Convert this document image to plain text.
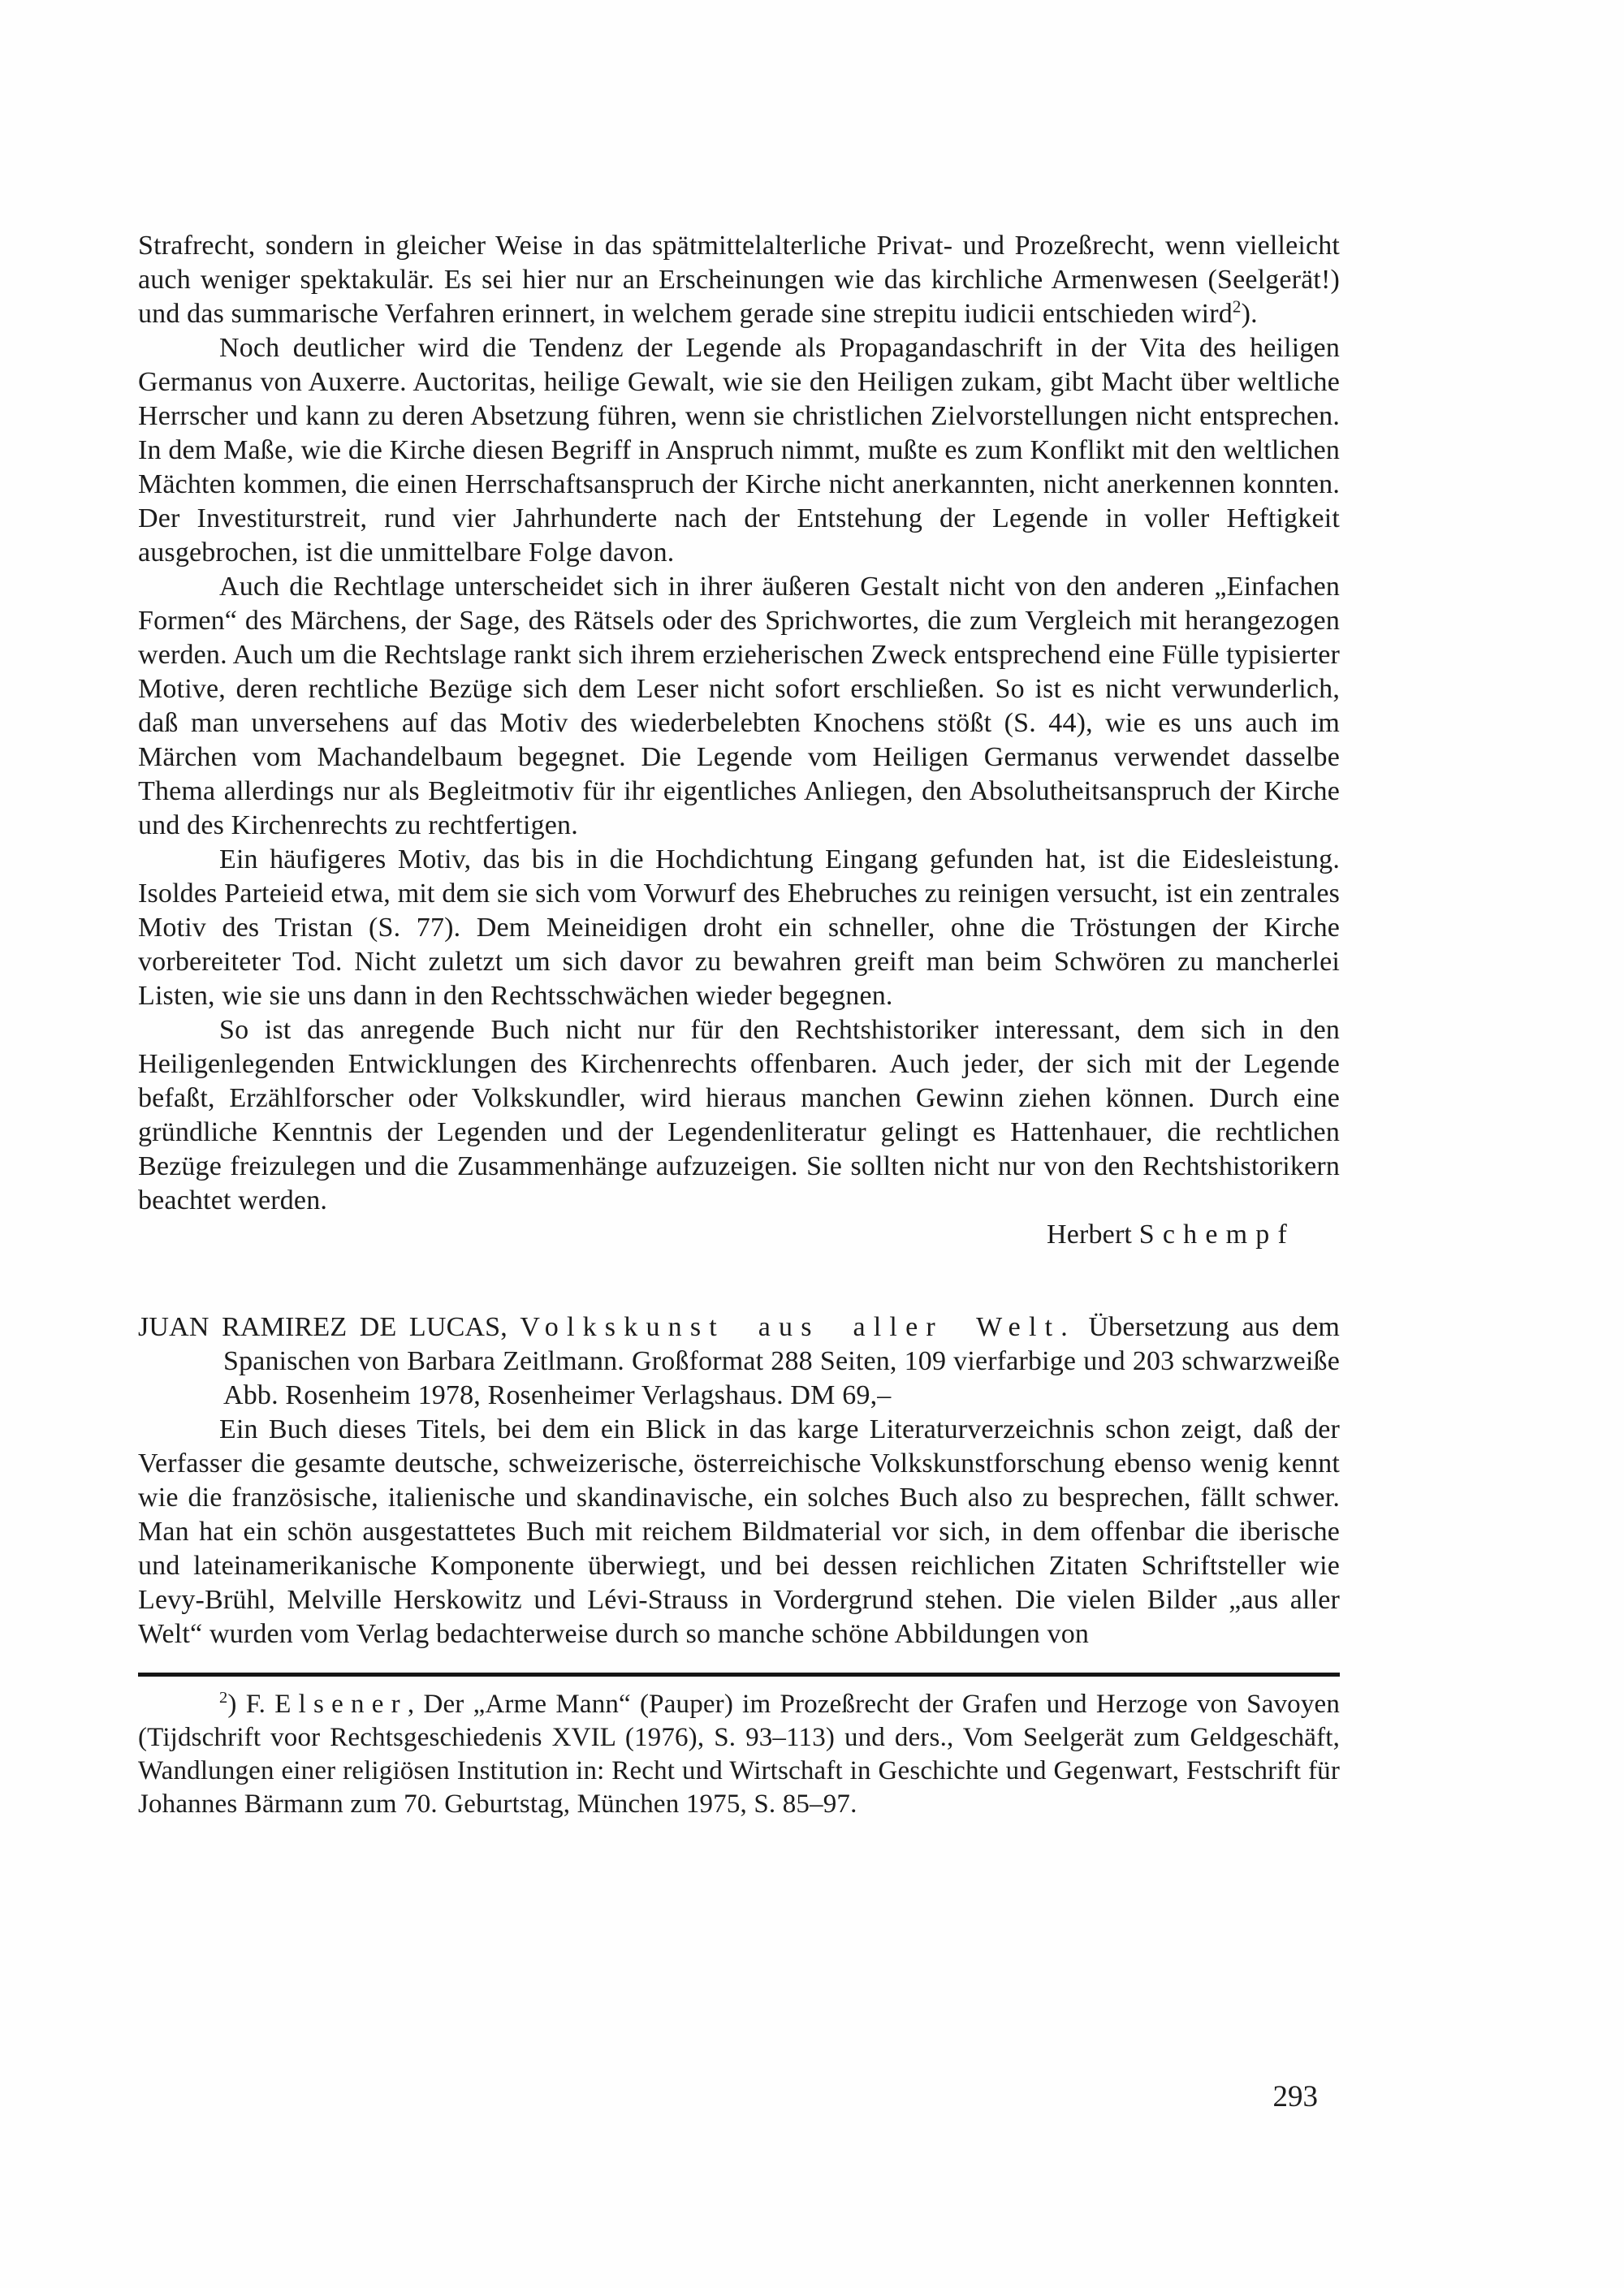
Strafrecht, sondern in gleicher Weise in das spätmittelalterliche Privat- und Prozeßrecht, wenn vielleicht auch weniger spektakulär. Es sei hier nur an Erscheinungen wie das kirchliche Armenwesen (Seelgerät!) und das summarische Verfahren erinnert, in welchem gerade sine strepitu iudicii entschieden wird$^2$).

Noch deutlicher wird die Tendenz der Legende als Propagandaschrift in der Vita des heiligen Germanus von Auxerre. Auctoritas, heilige Gewalt, wie sie den Heiligen zukam, gibt Macht über weltliche Herrscher und kann zu deren Absetzung führen, wenn sie christlichen Zielvorstellungen nicht entsprechen. In dem Maße, wie die Kirche diesen Begriff in Anspruch nimmt, mußte es zum Konflikt mit den weltlichen Mächten kommen, die einen Herrschaftsanspruch der Kirche nicht anerkannten, nicht anerkennen konnten. Der Investiturstreit, rund vier Jahrhunderte nach der Entstehung der Legende in voller Heftigkeit ausgebrochen, ist die unmittelbare Folge davon.

Auch die Rechtlage unterscheidet sich in ihrer äußeren Gestalt nicht von den anderen „Einfachen Formen“ des Märchens, der Sage, des Rätsels oder des Sprichwortes, die zum Vergleich mit herangezogen werden. Auch um die Rechtslage rankt sich ihrem erzieherischen Zweck entsprechend eine Fülle typisierter Motive, deren rechtliche Bezüge sich dem Leser nicht sofort erschließen. So ist es nicht verwunderlich, daß man unversehens auf das Motiv des wiederbelebten Knochens stößt (S. 44), wie es uns auch im Märchen vom Machandelbaum begegnet. Die Legende vom Heiligen Germanus verwendet dasselbe Thema allerdings nur als Begleitmotiv für ihr eigentliches Anliegen, den Absolutheitsanspruch der Kirche und des Kirchenrechts zu rechtfertigen.

Ein häufigeres Motiv, das bis in die Hochdichtung Eingang gefunden hat, ist die Eidesleistung. Isoldes Parteieid etwa, mit dem sie sich vom Vorwurf des Ehebruches zu reinigen versucht, ist ein zentrales Motiv des Tristan (S. 77). Dem Meineidigen droht ein schneller, ohne die Tröstungen der Kirche vorbereiteter Tod. Nicht zuletzt um sich davor zu bewahren greift man beim Schwören zu mancherlei Listen, wie sie uns dann in den Rechtsschwächen wieder begegnen.

So ist das anregende Buch nicht nur für den Rechtshistoriker interessant, dem sich in den Heiligenlegenden Entwicklungen des Kirchenrechts offenbaren. Auch jeder, der sich mit der Legende befaßt, Erzählforscher oder Volkskundler, wird hieraus manchen Gewinn ziehen können. Durch eine gründliche Kenntnis der Legenden und der Legendenliteratur gelingt es Hattenhauer, die rechtlichen Bezüge freizulegen und die Zusammenhänge aufzuzeigen. Sie sollten nicht nur von den Rechtshistorikern beachtet werden.

Herbert Schempf

JUAN RAMIREZ DE LUCAS, Volkskunst aus aller Welt. Übersetzung aus dem Spanischen von Barbara Zeitlmann. Großformat 288 Seiten, 109 vierfarbige und 203 schwarzweiße Abb. Rosenheim 1978, Rosenheimer Verlagshaus. DM 69,–

Ein Buch dieses Titels, bei dem ein Blick in das karge Literaturverzeichnis schon zeigt, daß der Verfasser die gesamte deutsche, schweizerische, österreichische Volkskunstforschung ebenso wenig kennt wie die französische, italienische und skandinavische, ein solches Buch also zu besprechen, fällt schwer. Man hat ein schön ausgestattetes Buch mit reichem Bildmaterial vor sich, in dem offenbar die iberische und lateinamerikanische Komponente überwiegt, und bei dessen reichlichen Zitaten Schriftsteller wie Levy-Brühl, Melville Herskowitz und Lévi-Strauss in Vordergrund stehen. Die vielen Bilder „aus aller Welt“ wurden vom Verlag bedachterweise durch so manche schöne Abbildungen von

$^2$) F. Elsener, Der „Arme Mann“ (Pauper) im Prozeßrecht der Grafen und Herzoge von Savoyen (Tijdschrift voor Rechtsgeschiedenis XVIL (1976), S. 93–113) und ders., Vom Seelgerät zum Geldgeschäft, Wandlungen einer religiösen Institution in: Recht und Wirtschaft in Geschichte und Gegenwart, Festschrift für Johannes Bärmann zum 70. Geburtstag, München 1975, S. 85–97.

293
